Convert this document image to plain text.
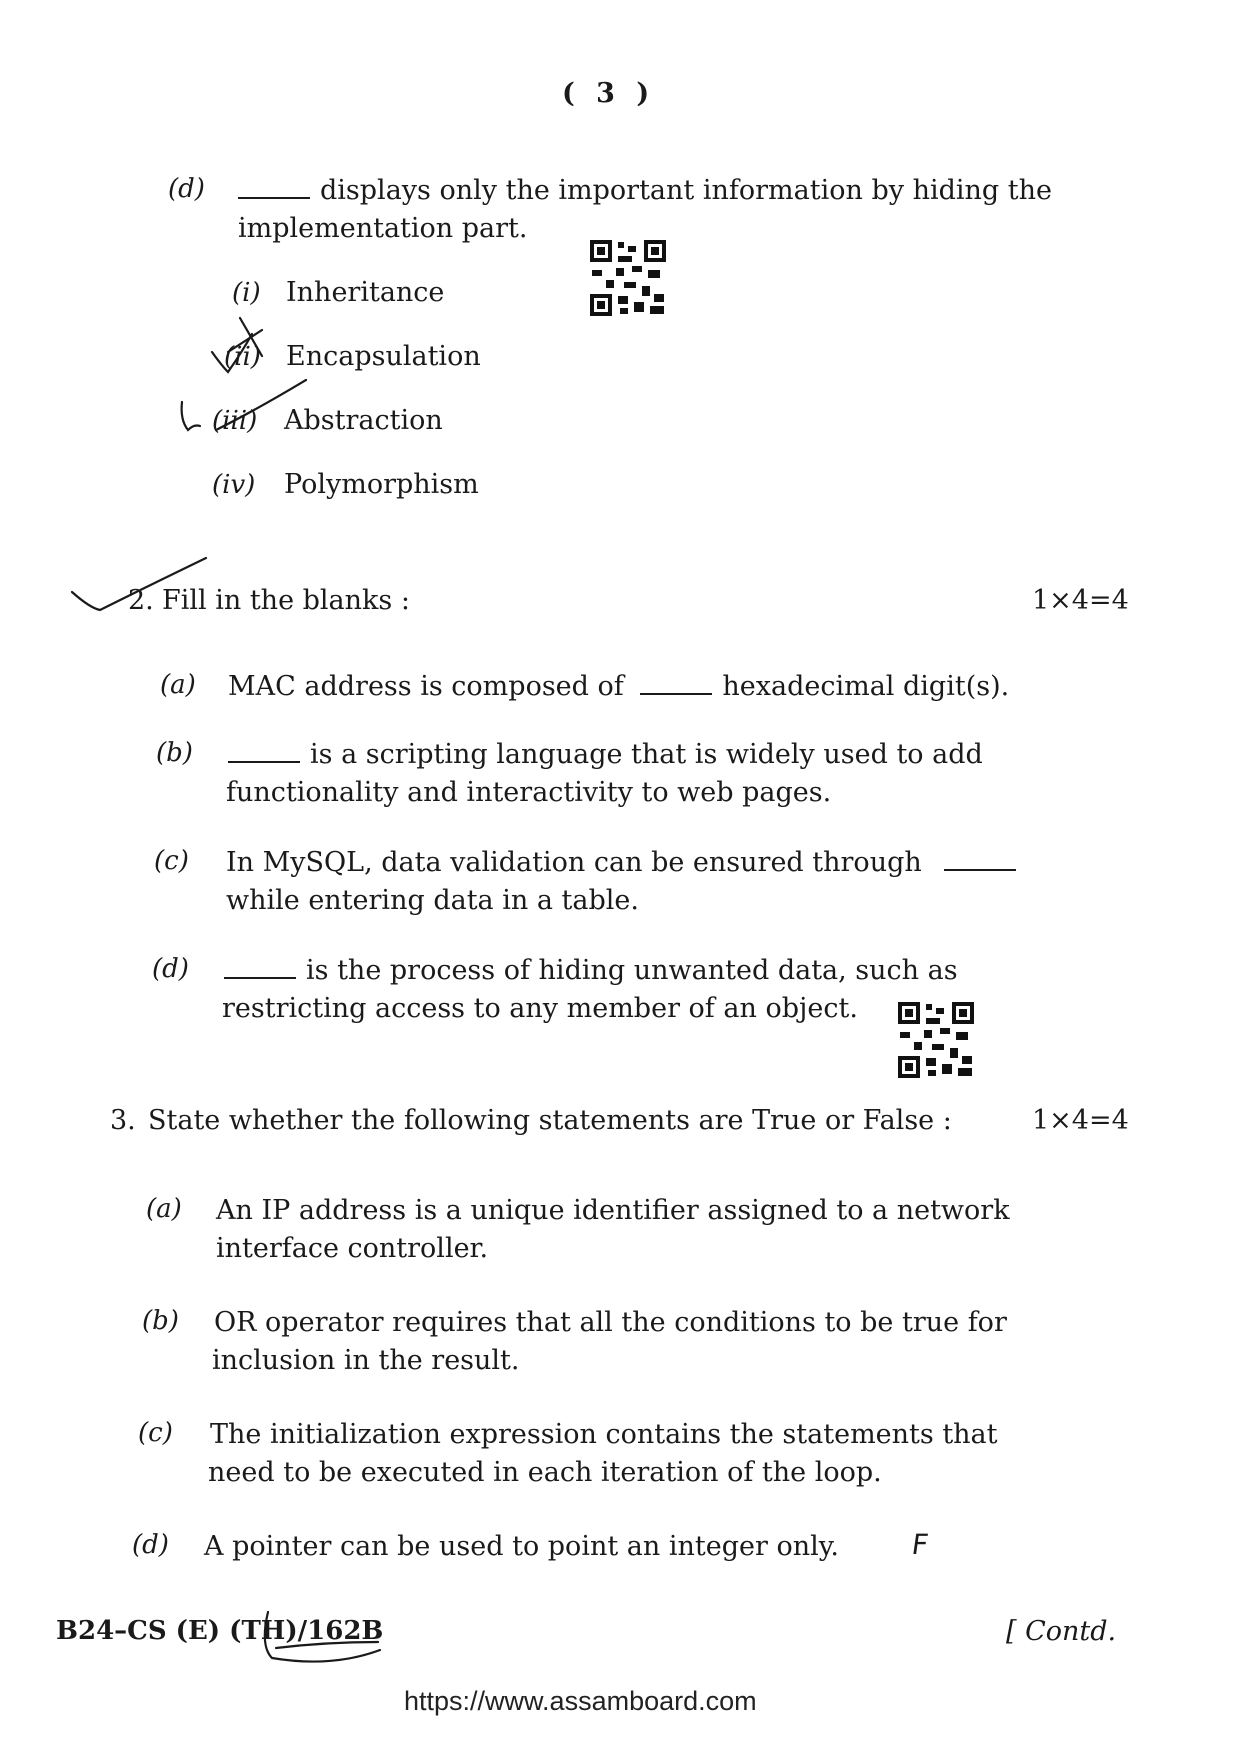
( 3 )
(d)	displays only the important information by hiding the
implementation part.
(i) Inheritance
(ii) Encapsulation
(iii) Abstraction
(iv) Polymorphism
2. Fill in the blanks :	1×4=4
(a) MAC address is composed of	hexadecimal digit(s).
(b)	is a scripting language that is widely used to add
functionality and interactivity to web pages.
(c) In MySQL, data validation can be ensured through
while entering data in a table.
(d)	is the process of hiding unwanted data, such as
restricting access to any member of an object.
3. State whether the following statements are True or False :	1×4=4
(a) An IP address is a unique identifier assigned to a network
interface controller.
(b) OR operator requires that all the conditions to be true for
inclusion in the result.
(c) The initialization expression contains the statements that
need to be executed in each iteration of the loop.
(d) A pointer can be used to point an integer only.	F
B24–CS (E) (TH)/162B	[ Contd.
https://www.assamboard.com
